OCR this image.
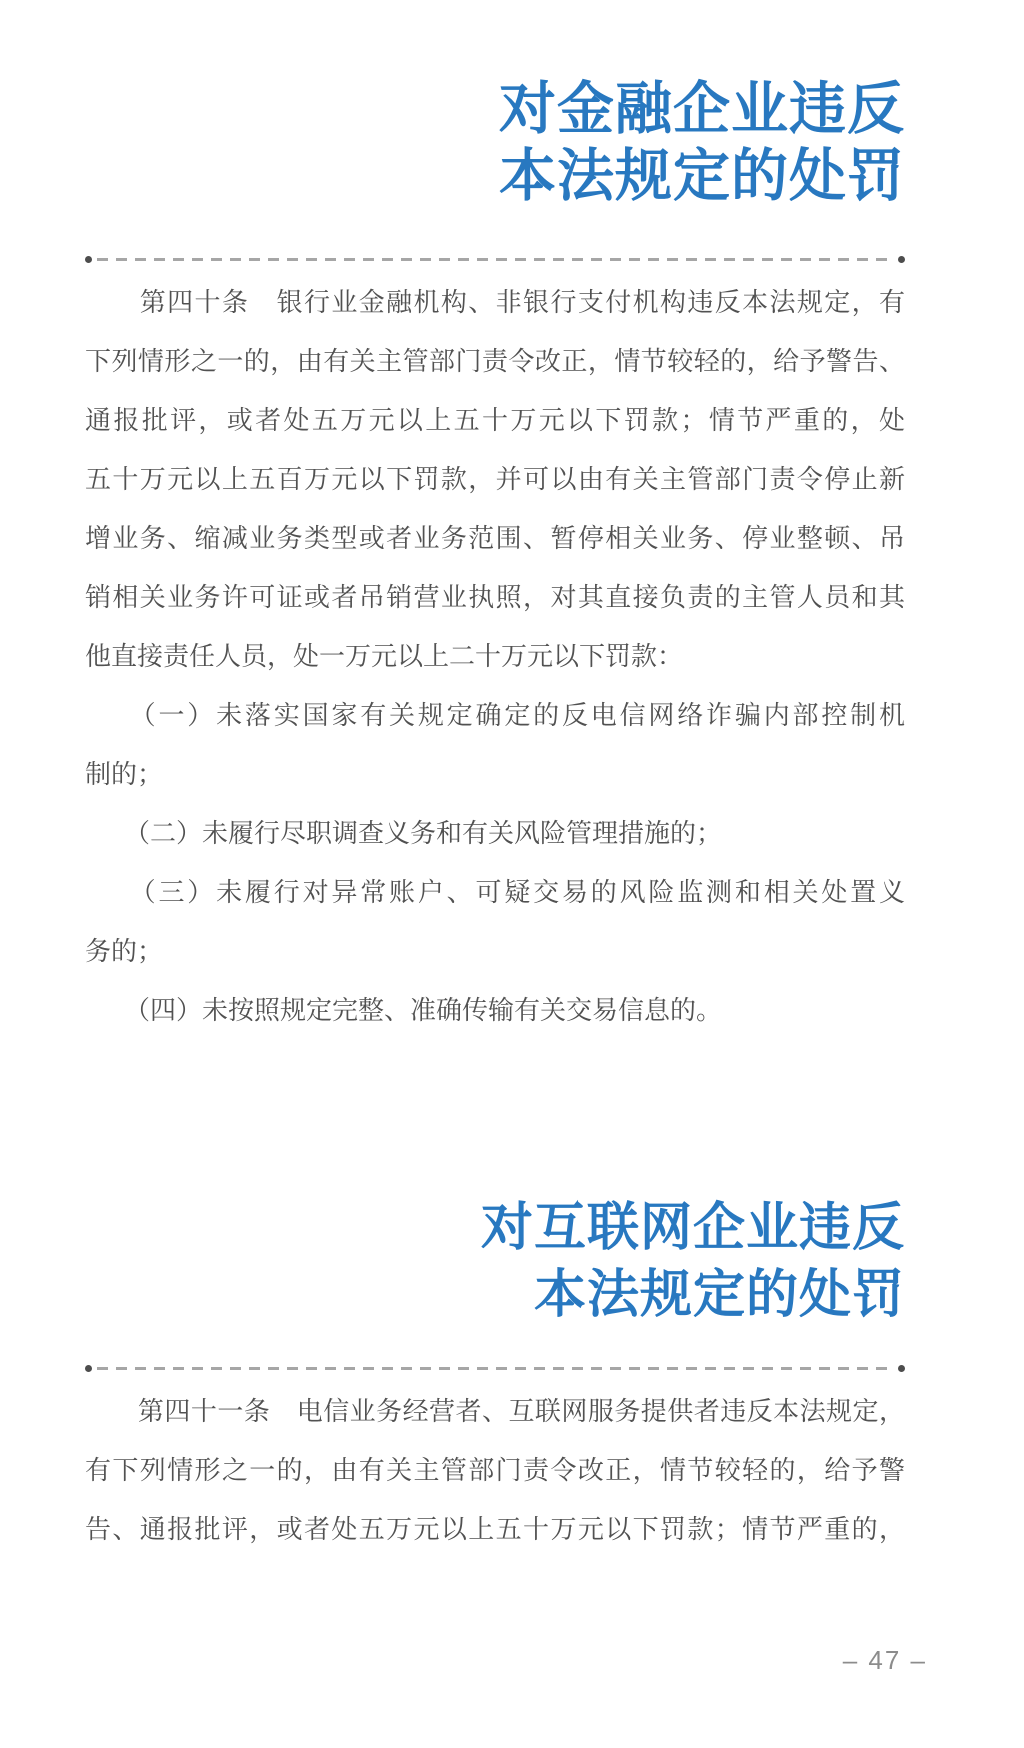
对金融企业违反
本法规定的处罚
　　第四十条　银行业金融机构、非银行支付机构违反本法规定，有
下列情形之一的，由有关主管部门责令改正，情节较轻的，给予警告、
通报批评，或者处五万元以上五十万元以下罚款；情节严重的，处
五十万元以上五百万元以下罚款，并可以由有关主管部门责令停止新
增业务、缩减业务类型或者业务范围、暂停相关业务、停业整顿、吊
销相关业务许可证或者吊销营业执照，对其直接负责的主管人员和其
他直接责任人员，处一万元以上二十万元以下罚款：
　　（一）未落实国家有关规定确定的反电信网络诈骗内部控制机
制的；
　　（二）未履行尽职调查义务和有关风险管理措施的；
　　（三）未履行对异常账户、可疑交易的风险监测和相关处置义
务的；
　　（四）未按照规定完整、准确传输有关交易信息的。
对互联网企业违反
本法规定的处罚
　　第四十一条　电信业务经营者、互联网服务提供者违反本法规定，
有下列情形之一的，由有关主管部门责令改正，情节较轻的，给予警
告、通报批评，或者处五万元以上五十万元以下罚款；情节严重的，
– 47 –
